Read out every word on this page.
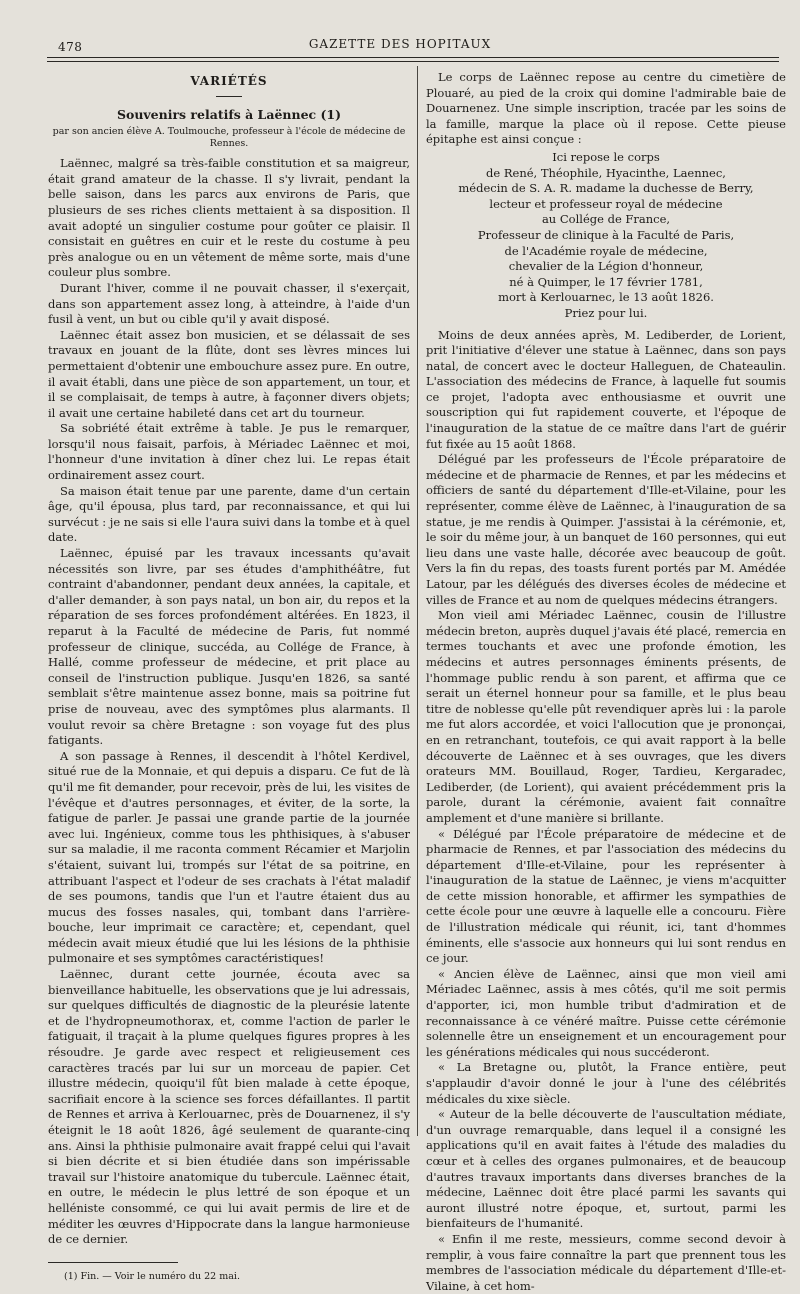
478	GAZETTE DES HOPITAUX
VARIÉTÉS
Souvenirs relatifs à Laënnec (1)
par son ancien élève A. Toulmouche, professeur à l'école de médecine de Rennes.

Laënnec, malgré sa très-faible constitution et sa maigreur, était grand amateur de la chasse. Il s'y livrait, pendant la belle saison, dans les parcs aux environs de Paris, que plusieurs de ses riches clients mettaient à sa disposition. Il avait adopté un singulier costume pour goûter ce plaisir. Il consistait en guêtres en cuir et le reste du costume à peu près analogue ou en un vêtement de même sorte, mais d'une couleur plus sombre.

Durant l'hiver, comme il ne pouvait chasser, il s'exerçait, dans son appartement assez long, à atteindre, à l'aide d'un fusil à vent, un but ou cible qu'il y avait disposé.

Laënnec était assez bon musicien, et se délassait de ses travaux en jouant de la flûte, dont ses lèvres minces lui permettaient d'obtenir une embouchure assez pure. En outre, il avait établi, dans une pièce de son appartement, un tour, et il se complaisait, de temps à autre, à façonner divers objets; il avait une certaine habileté dans cet art du tourneur.

Sa sobriété était extrême à table. Je pus le remarquer, lorsqu'il nous faisait, parfois, à Mériadec Laënnec et moi, l'honneur d'une invitation à dîner chez lui. Le repas était ordinairement assez court.

Sa maison était tenue par une parente, dame d'un certain âge, qu'il épousa, plus tard, par reconnaissance, et qui lui survécut : je ne sais si elle l'aura suivi dans la tombe et à quel date.

Laënnec, épuisé par les travaux incessants qu'avait nécessités son livre, par ses études d'amphithéâtre, fut contraint d'abandonner, pendant deux années, la capitale, et d'aller demander, à son pays natal, un bon air, du repos et la réparation de ses forces profondément altérées. En 1823, il reparut à la Faculté de médecine de Paris, fut nommé professeur de clinique, succéda, au Collége de France, à Hallé, comme professeur de médecine, et prit place au conseil de l'instruction publique. Jusqu'en 1826, sa santé semblait s'être maintenue assez bonne, mais sa poitrine fut prise de nouveau, avec des symptômes plus alarmants. Il voulut revoir sa chère Bretagne : son voyage fut des plus fatigants.

A son passage à Rennes, il descendit à l'hôtel Kerdivel, situé rue de la Monnaie, et qui depuis a disparu. Ce fut de là qu'il me fit demander, pour recevoir, près de lui, les visites de l'évêque et d'autres personnages, et éviter, de la sorte, la fatigue de parler. Je passai une grande partie de la journée avec lui. Ingénieux, comme tous les phthisiques, à s'abuser sur sa maladie, il me raconta comment Récamier et Marjolin s'étaient, suivant lui, trompés sur l'état de sa poitrine, en attribuant l'aspect et l'odeur de ses crachats à l'état maladif de ses poumons, tandis que l'un et l'autre étaient dus au mucus des fosses nasales, qui, tombant dans l'arrière-bouche, leur imprimait ce caractère; et, cependant, quel médecin avait mieux étudié que lui les lésions de la phthisie pulmonaire et ses symptômes caractéristiques!

Laënnec, durant cette journée, écouta avec sa bienveillance habituelle, les observations que je lui adressais, sur quelques difficultés de diagnostic de la pleurésie latente et de l'hydropneumothorax, et, comme l'action de parler le fatiguait, il traçait à la plume quelques figures propres à les résoudre. Je garde avec respect et religieusement ces caractères tracés par lui sur un morceau de papier. Cet illustre médecin, quoiqu'il fût bien malade à cette époque, sacrifiait encore à la science ses forces défaillantes. Il partit de Rennes et arriva à Kerlouarnec, près de Douarnenez, il s'y éteignit le 18 août 1826, âgé seulement de quarante-cinq ans. Ainsi la phthisie pulmonaire avait frappé celui qui l'avait si bien décrite et si bien étudiée dans son impérissable travail sur l'histoire anatomique du tubercule. Laënnec était, en outre, le médecin le plus lettré de son époque et un helléniste consommé, ce qui lui avait permis de lire et de méditer les œuvres d'Hippocrate dans la langue harmonieuse de ce dernier.

(1) Fin. — Voir le numéro du 22 mai.

Le corps de Laënnec repose au centre du cimetière de Plouaré, au pied de la croix qui domine l'admirable baie de Douarnenez. Une simple inscription, tracée par les soins de la famille, marque la place où il repose. Cette pieuse épitaphe est ainsi conçue :

Ici repose le corps
de René, Théophile, Hyacinthe, Laennec,
médecin de S. A. R. madame la duchesse de Berry,
lecteur et professeur royal de médecine
au Collége de France,
Professeur de clinique à la Faculté de Paris,
de l'Académie royale de médecine,
chevalier de la Légion d'honneur,
né à Quimper, le 17 février 1781,
mort à Kerlouarnec, le 13 août 1826.
Priez pour lui.

Moins de deux années après, M. Lediberder, de Lorient, prit l'initiative d'élever une statue à Laënnec, dans son pays natal, de concert avec le docteur Halleguen, de Chateaulin. L'association des médecins de France, à laquelle fut soumis ce projet, l'adopta avec enthousiasme et ouvrit une souscription qui fut rapidement couverte, et l'époque de l'inauguration de la statue de ce maître dans l'art de guérir fut fixée au 15 août 1868.

Délégué par les professeurs de l'École préparatoire de médecine et de pharmacie de Rennes, et par les médecins et officiers de santé du département d'Ille-et-Vilaine, pour les représenter, comme élève de Laënnec, à l'inauguration de sa statue, je me rendis à Quimper. J'assistai à la cérémonie, et, le soir du même jour, à un banquet de 160 personnes, qui eut lieu dans une vaste halle, décorée avec beaucoup de goût. Vers la fin du repas, des toasts furent portés par M. Amédée Latour, par les délégués des diverses écoles de médecine et villes de France et au nom de quelques médecins étrangers.

Mon vieil ami Mériadec Laënnec, cousin de l'illustre médecin breton, auprès duquel j'avais été placé, remercia en termes touchants et avec une profonde émotion, les médecins et autres personnages éminents présents, de l'hommage public rendu à son parent, et affirma que ce serait un éternel honneur pour sa famille, et le plus beau titre de noblesse qu'elle pût revendiquer après lui : la parole me fut alors accordée, et voici l'allocution que je prononçai, en en retranchant, toutefois, ce qui avait rapport à la belle découverte de Laënnec et à ses ouvrages, que les divers orateurs MM. Bouillaud, Roger, Tardieu, Kergaradec, Lediberder, (de Lorient), qui avaient précédemment pris la parole, durant la cérémonie, avaient fait connaître amplement et d'une manière si brillante.

« Délégué par l'École préparatoire de médecine et de pharmacie de Rennes, et par l'association des médecins du département d'Ille-et-Vilaine, pour les représenter à l'inauguration de la statue de Laënnec, je viens m'acquitter de cette mission honorable, et affirmer les sympathies de cette école pour une œuvre à laquelle elle a concouru. Fière de l'illustration médicale qui réunit, ici, tant d'hommes éminents, elle s'associe aux honneurs qui lui sont rendus en ce jour.

« Ancien élève de Laënnec, ainsi que mon vieil ami Mériadec Laënnec, assis à mes côtés, qu'il me soit permis d'apporter, ici, mon humble tribut d'admiration et de reconnaissance à ce vénéré maître. Puisse cette cérémonie solennelle être un enseignement et un encouragement pour les générations médicales qui nous succéderont.

« La Bretagne ou, plutôt, la France entière, peut s'applaudir d'avoir donné le jour à l'une des célébrités médicales du xixe siècle.

« Auteur de la belle découverte de l'auscultation médiate, d'un ouvrage remarquable, dans lequel il a consigné les applications qu'il en avait faites à l'étude des maladies du cœur et à celles des organes pulmonaires, et de beaucoup d'autres travaux importants dans diverses branches de la médecine, Laënnec doit être placé parmi les savants qui auront illustré notre époque, et, surtout, parmi les bienfaiteurs de l'humanité.

« Enfin il me reste, messieurs, comme second devoir à remplir, à vous faire connaître la part que prennent tous les membres de l'association médicale du département d'Ille-et-Vilaine, à cet hom-
